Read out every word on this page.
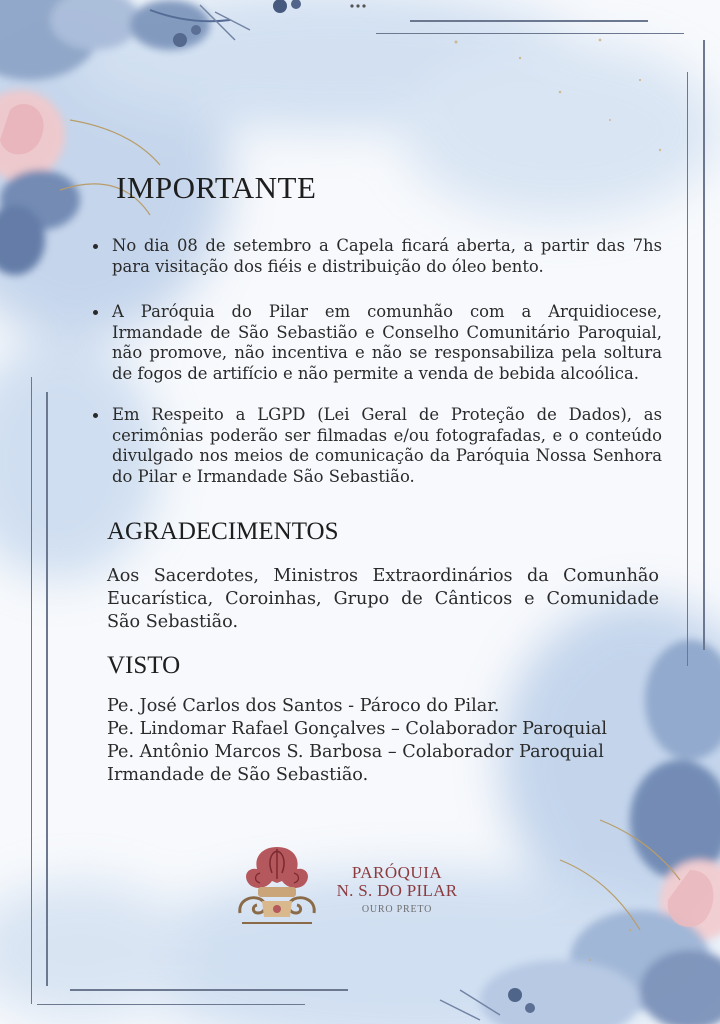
IMPORTANTE
No dia 08 de setembro a Capela ficará aberta, a partir das 7hs para visitação dos fiéis e distribuição do óleo bento.
A Paróquia do Pilar em comunhão com a Arquidiocese, Irmandade de São Sebastião e Conselho Comunitário Paroquial, não promove, não incentiva e não se responsabiliza pela soltura de fogos de artifício e não permite a venda de bebida alcoólica.
Em Respeito a LGPD (Lei Geral de Proteção de Dados), as cerimônias poderão ser filmadas e/ou fotografadas, e o conteúdo divulgado nos meios de comunicação da Paróquia Nossa Senhora do Pilar e Irmandade São Sebastião.
AGRADECIMENTOS
Aos Sacerdotes, Ministros Extraordinários da Comunhão Eucarística, Coroinhas, Grupo de Cânticos e Comunidade São Sebastião.
VISTO
Pe. José Carlos dos Santos - Pároco do Pilar.
Pe. Lindomar Rafael Gonçalves – Colaborador Paroquial
Pe. Antônio Marcos S. Barbosa – Colaborador Paroquial
Irmandade de São Sebastião.
PARÓQUIA
N. S. DO PILAR
OURO PRETO
